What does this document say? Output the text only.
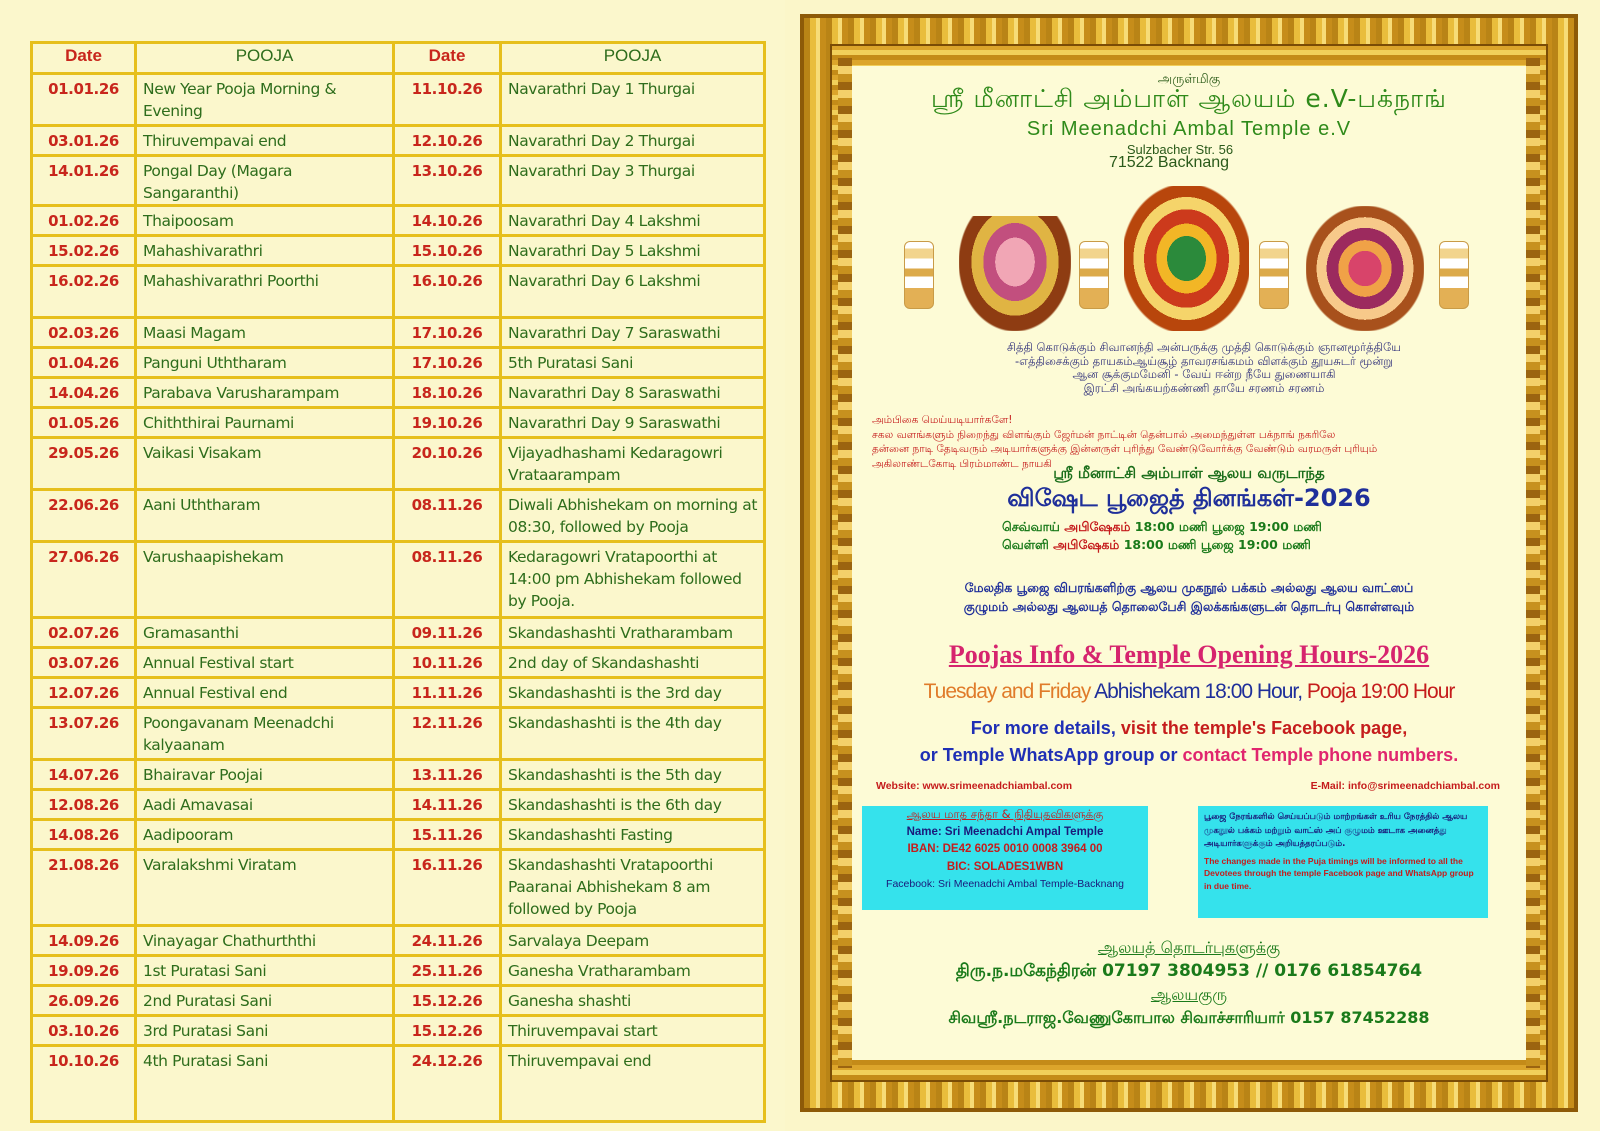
Date	POOJA	Date	POOJA
01.01.26	New Year Pooja Morning & Evening	11.10.26	Navarathri Day 1 Thurgai
03.01.26	Thiruvempavai end	12.10.26	Navarathri Day 2 Thurgai
14.01.26	Pongal Day (Magara Sangaranthi)	13.10.26	Navarathri Day 3 Thurgai
01.02.26	Thaipoosam	14.10.26	Navarathri Day 4 Lakshmi
15.02.26	Mahashivarathri	15.10.26	Navarathri Day 5 Lakshmi
16.02.26	Mahashivarathri Poorthi	16.10.26	Navarathri Day 6 Lakshmi
02.03.26	Maasi Magam	17.10.26	Navarathri Day 7 Saraswathi
01.04.26	Panguni Uththaram	17.10.26	5th Puratasi Sani
14.04.26	Parabava Varusharampam	18.10.26	Navarathri Day 8 Saraswathi
01.05.26	Chiththirai Paurnami	19.10.26	Navarathri Day 9 Saraswathi
29.05.26	Vaikasi Visakam	20.10.26	Vijayadhashami Kedaragowri Vrataarampam
22.06.26	Aani Uththaram	08.11.26	Diwali Abhishekam on morning at 08:30, followed by Pooja
27.06.26	Varushaapishekam	08.11.26	Kedaragowri Vratapoorthi at 14:00 pm Abhishekam followed by Pooja.
02.07.26	Gramasanthi	09.11.26	Skandashashti Vratharambam
03.07.26	Annual Festival start	10.11.26	2nd day of Skandashashti
12.07.26	Annual Festival end	11.11.26	Skandashashti is the 3rd day
13.07.26	Poongavanam Meenadchi kalyaanam	12.11.26	Skandashashti is the 4th day
14.07.26	Bhairavar Poojai	13.11.26	Skandashashti is the 5th day
12.08.26	Aadi Amavasai	14.11.26	Skandashashti is the 6th day
14.08.26	Aadipooram	15.11.26	Skandashashti Fasting
21.08.26	Varalakshmi Viratam	16.11.26	Skandashashti Vratapoorthi Paaranai Abhishekam 8 am followed by Pooja
14.09.26	Vinayagar Chathurththi	24.11.26	Sarvalaya Deepam
19.09.26	1st Puratasi Sani	25.11.26	Ganesha Vratharambam
26.09.26	2nd Puratasi Sani	15.12.26	Ganesha shashti
03.10.26	3rd Puratasi Sani	15.12.26	Thiruvempavai start
10.10.26	4th Puratasi Sani	24.12.26	Thiruvempavai end
அருள்மிகு
ஸ்ரீ மீனாட்சி அம்பாள் ஆலயம் e.V-பக்நாங்
Sri Meenadchi Ambal Temple e.V
Sulzbacher Str. 56
71522 Backnang
சித்தி கொடுக்கும் சிவானந்தி அன்பருக்கு முத்தி கொடுக்கும் ஞானமூர்த்தியே
-எத்திசைக்கும் தாயகம்ஆய்சூழ் தாவரசங்கமம் விளக்கும் தூயசுடர் மூன்று
ஆன சூக்குமமேனி - வேய் ஈன்ற நீயே துணையாகி
இரட்சி அங்கயற்கண்ணி தாயே சரணம் சரணம்
அம்பிகை மெய்யடியார்களே!
சகல வளங்களும் நிறைந்து விளங்கும் ஜேர்மன் நாட்டின் தென்பால் அமைந்துள்ள பக்நாங் நகரிலே
தன்னை நாடி தேடிவரும் அடியார்களுக்கு இன்னருள் புரிந்து வேண்டுவோர்க்கு வேண்டும் வரமருள் புரியும்
அகிலாண்டகோடி பிரம்மாண்ட நாயகி
ஸ்ரீ மீனாட்சி அம்பாள் ஆலய வருடாந்த
விஷேட பூஜைத் தினங்கள்-2026
செவ்வாய் அபிஷேகம் 18:00 மணி பூஜை 19:00 மணி
வெள்ளி அபிஷேகம் 18:00 மணி பூஜை 19:00 மணி
மேலதிக பூஜை விபரங்களிற்கு ஆலய முகநூல் பக்கம் அல்லது ஆலய வாட்ஸப்
குழுமம் அல்லது ஆலயத் தொலைபேசி இலக்கங்களுடன் தொடர்பு கொள்ளவும்
Poojas Info & Temple Opening Hours-2026
Tuesday and Friday Abhishekam 18:00 Hour, Pooja 19:00 Hour
For more details, visit the temple's Facebook page,
or Temple WhatsApp group or contact Temple phone numbers.
Website: www.srimeenadchiambal.com	E-Mail: info@srimeenadchiambal.com
ஆலய மாத சந்தா & நிதியுதவிகளுக்கு
Name: Sri Meenadchi Ampal Temple
IBAN: DE42 6025 0010 0008 3964 00
BIC: SOLADES1WBN
Facebook: Sri Meenadchi Ambal Temple-Backnang
பூஜை நேரங்களில் செய்யப்படும் மாற்றங்கள் உரிய நேரத்தில் ஆலய முகநூல் பக்கம் மற்றும் வாட்ஸ் அப் குழுமம் ஊடாக அனைத்து அடியார்களுக்கும் அறியத்தரப்படும்.
The changes made in the Puja timings will be informed to all the Devotees through the temple Facebook page and WhatsApp group in due time.
ஆலயத் தொடர்புகளுக்கு
திரு.ந.மகேந்திரன் 07197 3804953 // 0176 61854764
ஆலயகுரு
சிவஸ்ரீ.நடராஜ.வேணுகோபால சிவாச்சாரியார் 0157 87452288
